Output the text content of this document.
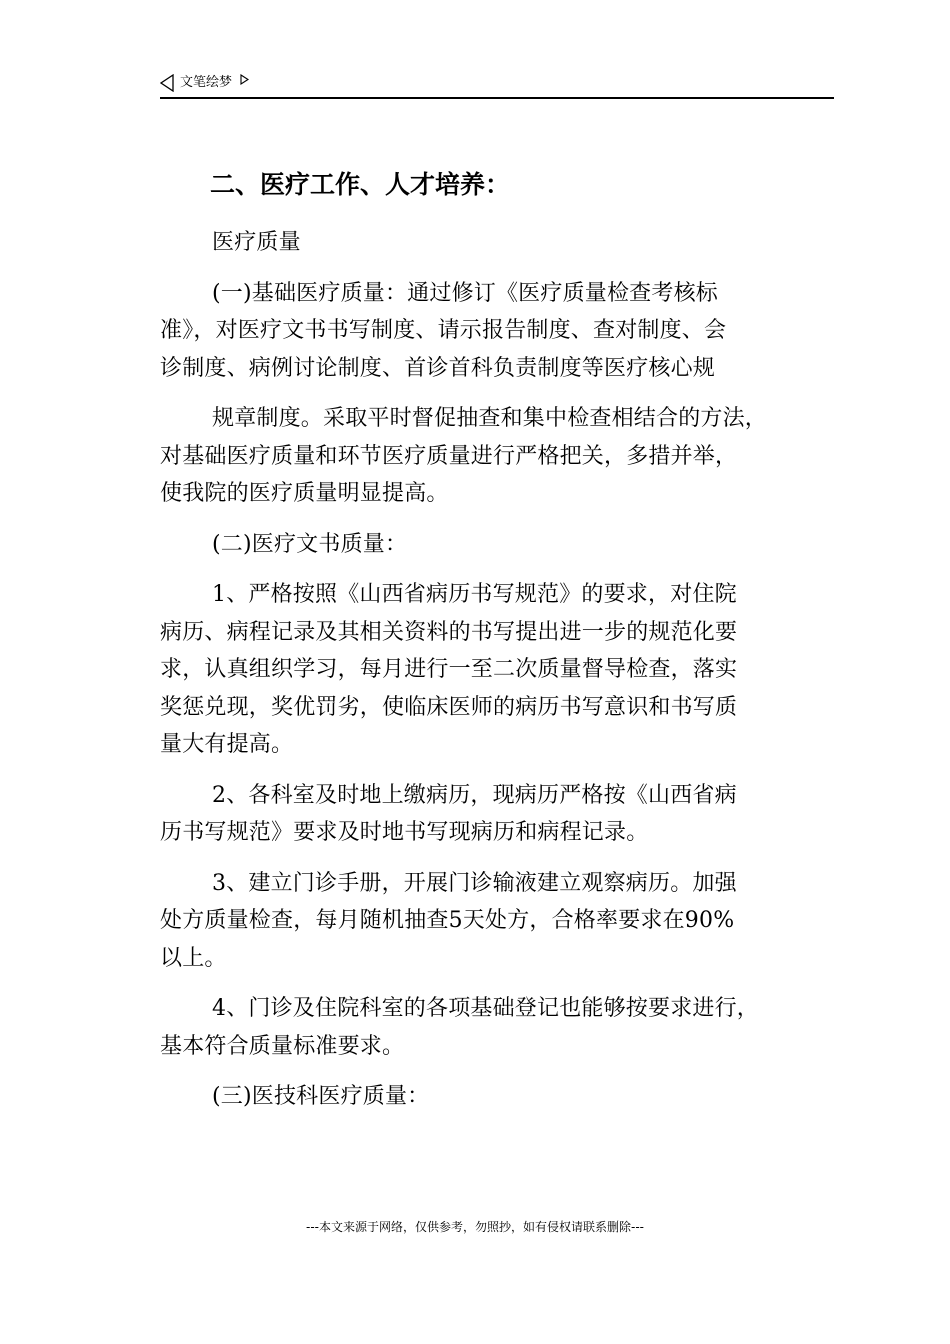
文笔绘梦
二、医疗工作、人才培养：

医疗质量

(一)基础医疗质量：通过修订《医疗质量检查考核标

准》，对医疗文书书写制度、请示报告制度、查对制度、会

诊制度、病例讨论制度、首诊首科负责制度等医疗核心规

规章制度。采取平时督促抽查和集中检查相结合的方法，

对基础医疗质量和环节医疗质量进行严格把关，多措并举，

使我院的医疗质量明显提高。

(二)医疗文书质量：

1、严格按照《山西省病历书写规范》的要求，对住院

病历、病程记录及其相关资料的书写提出进一步的规范化要

求，认真组织学习，每月进行一至二次质量督导检查，落实

奖惩兑现，奖优罚劣，使临床医师的病历书写意识和书写质

量大有提高。

2、各科室及时地上缴病历，现病历严格按《山西省病

历书写规范》要求及时地书写现病历和病程记录。

3、建立门诊手册，开展门诊输液建立观察病历。加强

处方质量检查，每月随机抽查5天处方，合格率要求在90%

以上。

4、门诊及住院科室的各项基础登记也能够按要求进行，

基本符合质量标准要求。

(三)医技科医疗质量：

---本文来源于网络，仅供参考，勿照抄，如有侵权请联系删除---
